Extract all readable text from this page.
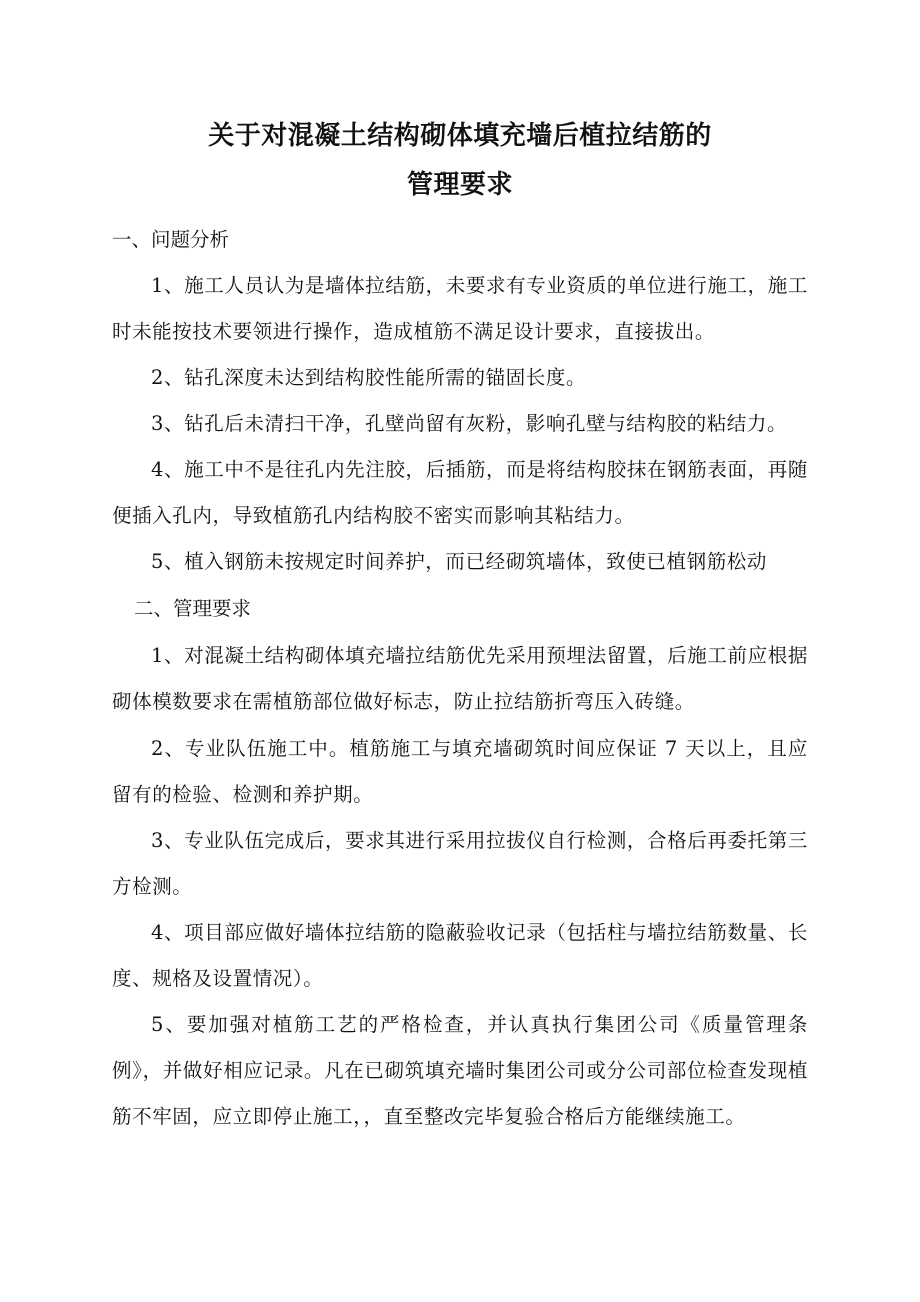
关于对混凝土结构砌体填充墙后植拉结筋的
管理要求
一、问题分析
1、施工人员认为是墙体拉结筋，未要求有专业资质的单位进行施工，施工时未能按技术要领进行操作，造成植筋不满足设计要求，直接拔出。
2、钻孔深度未达到结构胶性能所需的锚固长度。
3、钻孔后未清扫干净，孔壁尚留有灰粉，影响孔壁与结构胶的粘结力。
4、施工中不是往孔内先注胶，后插筋，而是将结构胶抹在钢筋表面，再随便插入孔内，导致植筋孔内结构胶不密实而影响其粘结力。
5、植入钢筋未按规定时间养护，而已经砌筑墙体，致使已植钢筋松动
二、管理要求
1、对混凝土结构砌体填充墙拉结筋优先采用预埋法留置，后施工前应根据砌体模数要求在需植筋部位做好标志，防止拉结筋折弯压入砖缝。
2、专业队伍施工中。植筋施工与填充墙砌筑时间应保证 7 天以上，且应留有的检验、检测和养护期。
3、专业队伍完成后，要求其进行采用拉拔仪自行检测，合格后再委托第三方检测。
4、项目部应做好墙体拉结筋的隐蔽验收记录（包括柱与墙拉结筋数量、长度、规格及设置情况）。
5、要加强对植筋工艺的严格检查，并认真执行集团公司《质量管理条例》，并做好相应记录。凡在已砌筑填充墙时集团公司或分公司部位检查发现植筋不牢固，应立即停止施工，，直至整改完毕复验合格后方能继续施工。
